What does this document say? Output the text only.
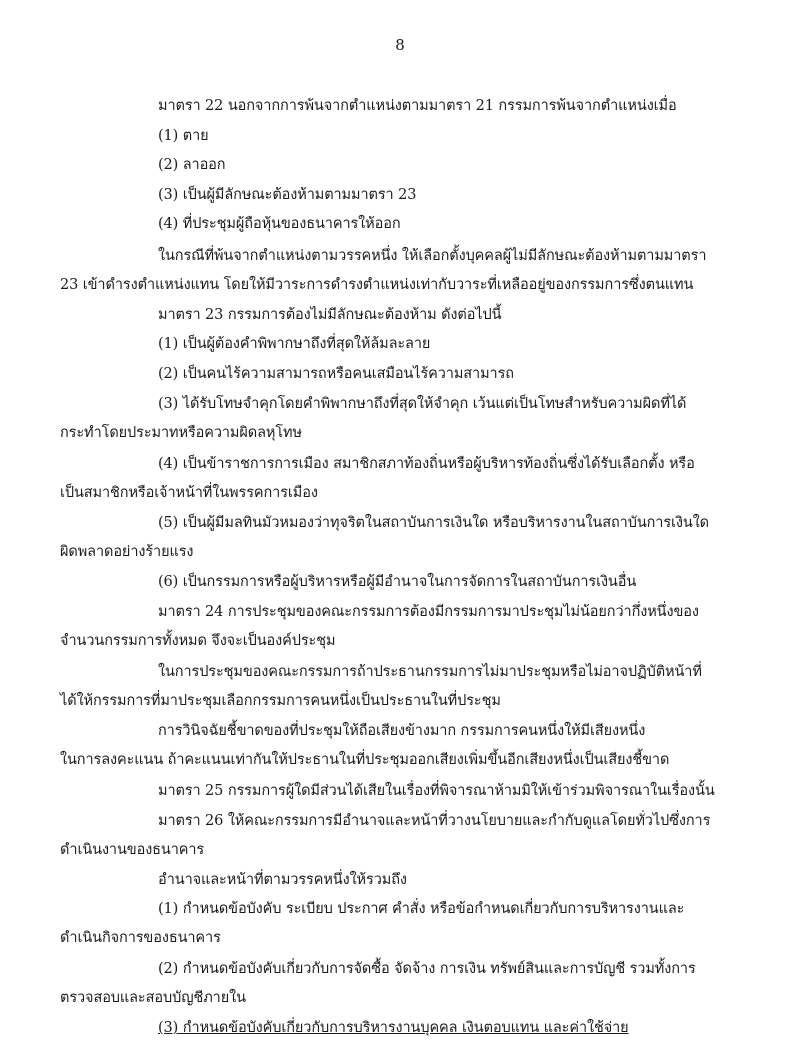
8
มาตรา 22 นอกจากการพ้นจากตำแหน่งตามมาตรา 21 กรรมการพ้นจากตำแหน่งเมื่อ
(1) ตาย
(2) ลาออก
(3) เป็นผู้มีลักษณะต้องห้ามตามมาตรา 23
(4) ที่ประชุมผู้ถือหุ้นของธนาคารให้ออก
ในกรณีที่พ้นจากตำแหน่งตามวรรคหนึ่ง ให้เลือกตั้งบุคคลผู้ไม่มีลักษณะต้องห้ามตามมาตรา
23 เข้าดำรงตำแหน่งแทน โดยให้มีวาระการดำรงตำแหน่งเท่ากับวาระที่เหลืออยู่ของกรรมการซึ่งตนแทน
มาตรา 23 กรรมการต้องไม่มีลักษณะต้องห้าม ดังต่อไปนี้
(1) เป็นผู้ต้องคำพิพากษาถึงที่สุดให้ล้มละลาย
(2) เป็นคนไร้ความสามารถหรือคนเสมือนไร้ความสามารถ
(3) ได้รับโทษจำคุกโดยคำพิพากษาถึงที่สุดให้จำคุก เว้นแต่เป็นโทษสำหรับความผิดที่ได้
กระทำโดยประมาทหรือความผิดลหุโทษ
(4) เป็นข้าราชการการเมือง สมาชิกสภาท้องถิ่นหรือผู้บริหารท้องถิ่นซึ่งได้รับเลือกตั้ง หรือ
เป็นสมาชิกหรือเจ้าหน้าที่ในพรรคการเมือง
(5) เป็นผู้มีมลทินมัวหมองว่าทุจริตในสถาบันการเงินใด หรือบริหารงานในสถาบันการเงินใด
ผิดพลาดอย่างร้ายแรง
(6) เป็นกรรมการหรือผู้บริหารหรือผู้มีอำนาจในการจัดการในสถาบันการเงินอื่น
มาตรา 24 การประชุมของคณะกรรมการต้องมีกรรมการมาประชุมไม่น้อยกว่ากึ่งหนึ่งของ
จำนวนกรรมการทั้งหมด จึงจะเป็นองค์ประชุม
ในการประชุมของคณะกรรมการถ้าประธานกรรมการไม่มาประชุมหรือไม่อาจปฏิบัติหน้าที่
ได้ให้กรรมการที่มาประชุมเลือกกรรมการคนหนึ่งเป็นประธานในที่ประชุม
การวินิจฉัยชี้ขาดของที่ประชุมให้ถือเสียงข้างมาก กรรมการคนหนึ่งให้มีเสียงหนึ่ง
ในการลงคะแนน ถ้าคะแนนเท่ากันให้ประธานในที่ประชุมออกเสียงเพิ่มขึ้นอีกเสียงหนึ่งเป็นเสียงชี้ขาด
มาตรา 25 กรรมการผู้ใดมีส่วนได้เสียในเรื่องที่พิจารณาห้ามมิให้เข้าร่วมพิจารณาในเรื่องนั้น
มาตรา 26 ให้คณะกรรมการมีอำนาจและหน้าที่วางนโยบายและกำกับดูแลโดยทั่วไปซึ่งการ
ดำเนินงานของธนาคาร
อำนาจและหน้าที่ตามวรรคหนึ่งให้รวมถึง
(1) กำหนดข้อบังคับ ระเบียบ ประกาศ คำสั่ง หรือข้อกำหนดเกี่ยวกับการบริหารงานและ
ดำเนินกิจการของธนาคาร
(2) กำหนดข้อบังคับเกี่ยวกับการจัดซื้อ จัดจ้าง การเงิน ทรัพย์สินและการบัญชี รวมทั้งการ
ตรวจสอบและสอบบัญชีภายใน
(3) กำหนดข้อบังคับเกี่ยวกับการบริหารงานบุคคล เงินตอบแทน และค่าใช้จ่าย
